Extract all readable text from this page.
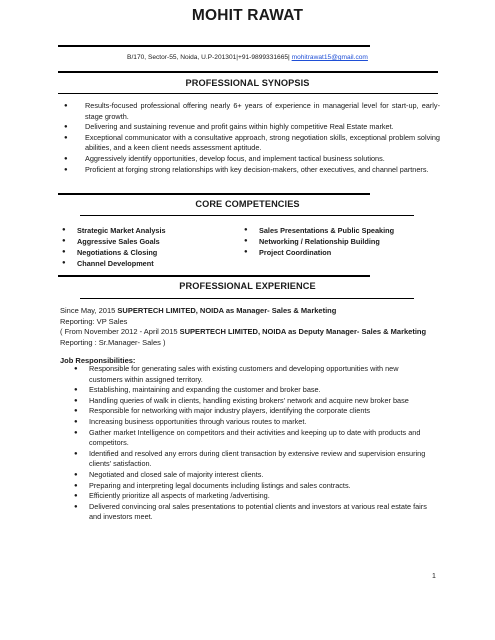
MOHIT RAWAT
B/170, Sector-55, Noida, U.P-201301|+91-9899331665| mohitrawat15@gmail.com
PROFESSIONAL SYNOPSIS
● Results-focused professional offering nearly 6+ years of experience in managerial level for start-up, early-stage growth.
● Delivering and sustaining revenue and profit gains within highly competitive Real Estate market.
● Exceptional communicator with a consultative approach, strong negotiation skills, exceptional problem solving abilities, and a keen client needs assessment aptitude.
● Aggressively identify opportunities, develop focus, and implement tactical business solutions.
● Proficient at forging strong relationships with key decision-makers, other executives, and channel partners.
CORE COMPETENCIES
● Strategic Market Analysis
● Aggressive Sales Goals
● Negotiations & Closing
● Channel Development
● Sales Presentations & Public Speaking
● Networking / Relationship Building
● Project Coordination
PROFESSIONAL EXPERIENCE
Since May, 2015 SUPERTECH LIMITED, NOIDA as Manager- Sales & Marketing
Reporting: VP Sales
( From November 2012 - April 2015 SUPERTECH LIMITED, NOIDA as Deputy Manager- Sales & Marketing
Reporting : Sr.Manager- Sales )
Job Responsibilities:
● Responsible for generating sales with existing customers and developing opportunities with new customers within assigned territory.
● Establishing, maintaining and expanding the customer and broker base.
● Handling queries of walk in clients, handling existing brokers' network and acquire new broker base
● Responsible for networking with major industry players, identifying the corporate clients
● Increasing business opportunities through various routes to market.
● Gather market Intelligence on competitors and their activities and keeping up to date with products and competitors.
● Identified and resolved any errors during client transaction by extensive review and supervision ensuring clients' satisfaction.
● Negotiated and closed sale of majority interest clients.
● Preparing and interpreting legal documents including listings and sales contracts.
● Efficiently prioritize all aspects of marketing /advertising.
● Delivered convincing oral sales presentations to potential clients and investors at various real estate fairs and investors meet.
1
